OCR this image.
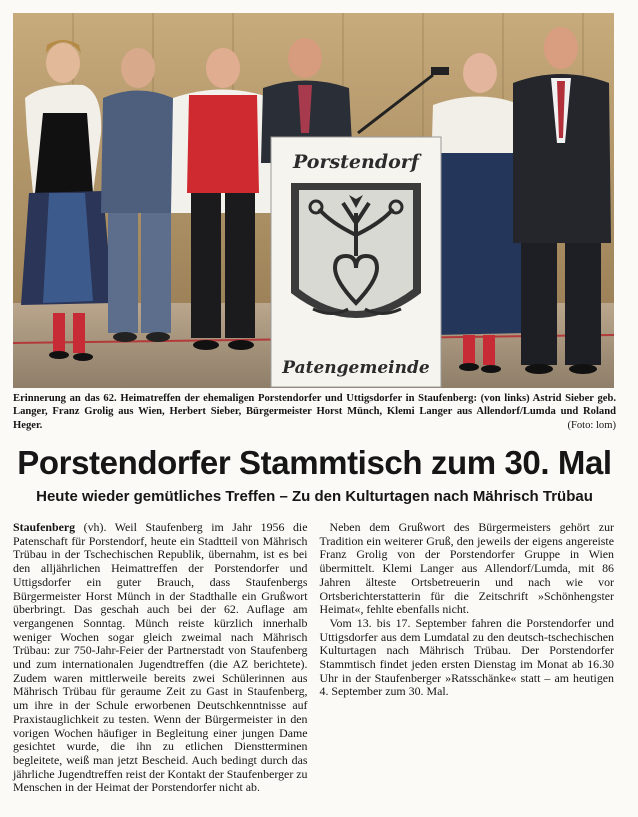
Porstendorf
Patengemeinde
Erinnerung an das 62. Heimatreffen der ehemaligen Porstendorfer und Uttigsdorfer in Staufenberg: (von links) Astrid Sieber geb. Langer, Franz Grolig aus Wien, Herbert Sieber, Bürgermeister Horst Münch, Klemi Langer aus Allendorf/Lumda und Roland Heger.	(Foto: lom)
Porstendorfer Stammtisch zum 30. Mal
Heute wieder gemütliches Treffen – Zu den Kulturtagen nach Mährisch Trübau

Staufenberg (vh). Weil Staufenberg im Jahr 1956 die Patenschaft für Porstendorf, heute ein Stadtteil von Mährisch Trübau in der Tschechischen Republik, übernahm, ist es bei den alljährlichen Heimattreffen der Porstendorfer und Uttigsdorfer ein guter Brauch, dass Staufenbergs Bürgermeister Horst Münch in der Stadthalle ein Grußwort überbringt. Das geschah auch bei der 62. Auflage am vergangenen Sonntag. Münch reiste kürzlich innerhalb weniger Wochen sogar gleich zweimal nach Mährisch Trübau: zur 750-Jahr-Feier der Partnerstadt von Staufenberg und zum internationalen Jugendtreffen (die AZ berichtete). Zudem waren mittlerweile bereits zwei Schülerinnen aus Mährisch Trübau für geraume Zeit zu Gast in Staufenberg, um ihre in der Schule erworbenen Deutschkenntnisse auf Praxistauglichkeit zu testen. Wenn der Bürgermeister in den vorigen Wochen häufiger in Begleitung einer jungen Dame gesichtet wurde, die ihn zu etlichen Dienstterminen begleitete, weiß man jetzt Bescheid. Auch bedingt durch das jährliche Jugendtreffen reist der Kontakt der Staufenberger zu Menschen in der Heimat der Porstendorfer nicht ab.

Neben dem Grußwort des Bürgermeisters gehört zur Tradition ein weiterer Gruß, den jeweils der eigens angereiste Franz Grolig von der Porstendorfer Gruppe in Wien übermittelt. Klemi Langer aus Allendorf/Lumda, mit 86 Jahren älteste Ortsbetreuerin und nach wie vor Ortsberichterstatterin für die Zeitschrift »Schönhengster Heimat«, fehlte ebenfalls nicht.

Vom 13. bis 17. September fahren die Porstendorfer und Uttigsdorfer aus dem Lumdatal zu den deutsch-tschechischen Kulturtagen nach Mährisch Trübau. Der Porstendorfer Stammtisch findet jeden ersten Dienstag im Monat ab 16.30 Uhr in der Staufenberger »Ratsschänke« statt – am heutigen 4. September zum 30. Mal.
